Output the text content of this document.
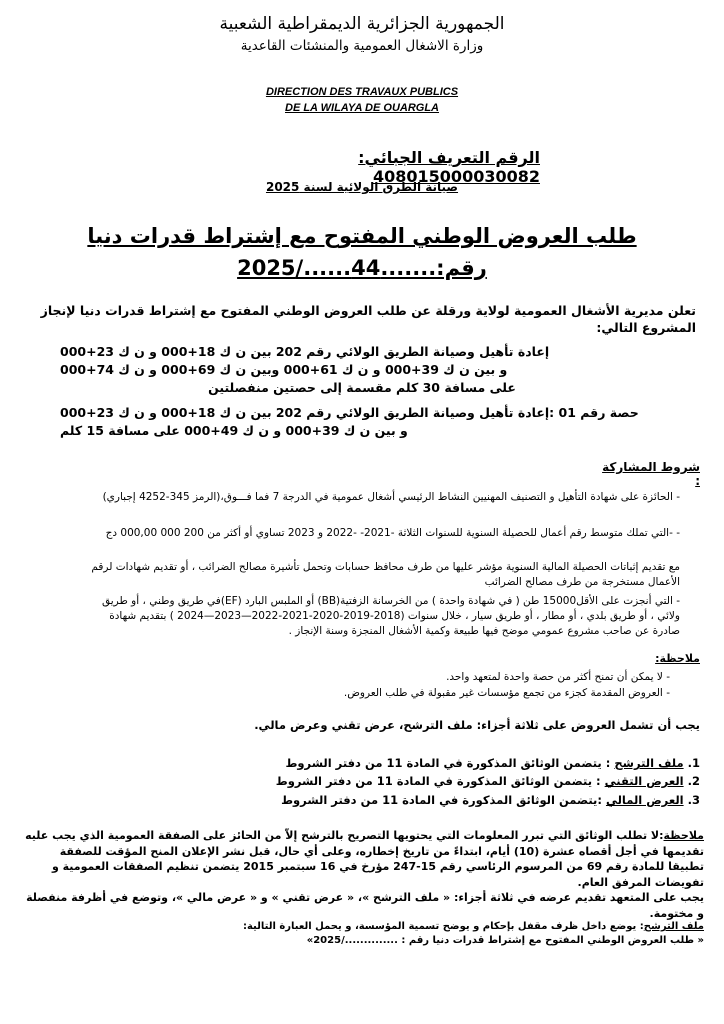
الجمهورية الجزائرية الديمقراطية الشعبية
وزارة الاشغال العمومية والمنشئات القاعدية
DIRECTION DES TRAVAUX PUBLICS
DE LA WILAYA DE OUARGLA
الرقم التعريف الجبائي: 408015000030082
صيانة الطرق الولائية لسنة 2025
طلب العروض الوطني المفتوح مع إشتراط قدرات دنيا
رقم:.......44....../2025
تعلن مديرية الأشغال العمومية لولاية ورقلة عن طلب العروض الوطني المفتوح مع إشتراط قدرات دنيا لإنجاز المشروع التالي:
إعادة تأهيل وصيانة الطريق الولائي رقم 202 بين ن ك 18+000 و ن ك 23+000
و بين ن ك 39+000 و ن ك 61+000 وبين ن ك 69+000 و ن ك 74+000
على مسافة 30 كلم مقسمة إلى حصتين منفصلتين
حصة رقم 01 :إعادة تأهيل وصيانة الطريق الولائي رقم 202 بين ن ك 18+000 و ن ك 23+000
و بين ن ك 39+000 و ن ك 49+000 على مسافة 15 كلم
شروط المشاركة :
- الحائزة على شهادة التأهيل و التصنيف المهنيين النشاط الرئيسي أشغال عمومية في الدرجة 7 فما فـــوق،(الرمز 345-4252 إجباري)
- -التي تملك متوسط رقم أعمال للحصيلة السنوية للسنوات الثلاثة -2021- -2022 و 2023 تساوي أو أكثر من 200 000 000,00 دج
مع تقديم إثباتات الحصيلة المالية السنوية مؤشر عليها من طرف محافظ حسابات وتحمل تأشيرة مصالح الضرائب ، أو تقديم شهادات لرقم الأعمال مستخرجة من طرف مصالح الضرائب
- التي أنجزت على الأقل15000 طن ( في شهادة واحدة ) من الخرسانة الزفتية(BB) أو الملبس البارد (EF)في طريق وطني ، أو طريق ولائي ، أو طريق بلدي ، أو مطار ، أو طريق سيار ، خلال سنوات (2018-2019-2020-2021-2022—2023—2024 ) بتقديم شهادة صادرة عن صاحب مشروع عمومي موضح فيها طبيعة وكمية الأشغال المنجزة وسنة الإنجاز .
ملاحظة:
- لا يمكن أن تمنح أكثر من حصة واحدة لمتعهد واحد.
- العروض المقدمة كجزء من تجمع مؤسسات غير مقبولة في طلب العروض.
يجب أن تشمل العروض على ثلاثة أجزاء: ملف الترشح، عرض تقني وعرض مالي.
1. ملف الترشح : يتضمن الوثائق المذكورة في المادة 11 من دفتر الشروط
2. العرض التقني : يتضمن الوثائق المذكورة في المادة 11 من دفتر الشروط
3. العرض المالي :يتضمن الوثائق المذكورة في المادة 11 من دفتر الشروط
ملاحظة:لا تطلب الوثائق التي تبرر المعلومات التي يحتويها التصريح بالترشح إلاّ من الحائز على الصفقة العمومية الذي يجب عليه تقديمها في أجل أقصاه عشرة (10) أيام، ابتداءً من تاريخ إخطاره، وعلى أي حال، قبل نشر الإعلان المنح المؤقت للصفقة تطبيقا للمادة رقم 69 من المرسوم الرئاسي رقم 15-247 مؤرخ في 16 سبتمبر 2015 يتضمن تنظيم الصفقات العمومية و تفويضات المرفق العام.
يجب على المتعهد تقديم عرضه في ثلاثة أجزاء: « ملف الترشح »، « عرض تقني » و « عرض مالي »، وتوضع في أظرفة منفصلة و مختومة.
ملف الترشح: يوضع داخل ظرف مقفل بإحكام و يوضح تسمية المؤسسة، و يحمل العبارة التالية:
« طلب العروض الوطني المفتوح مع إشتراط قدرات دنيا رقم : ............../2025»
